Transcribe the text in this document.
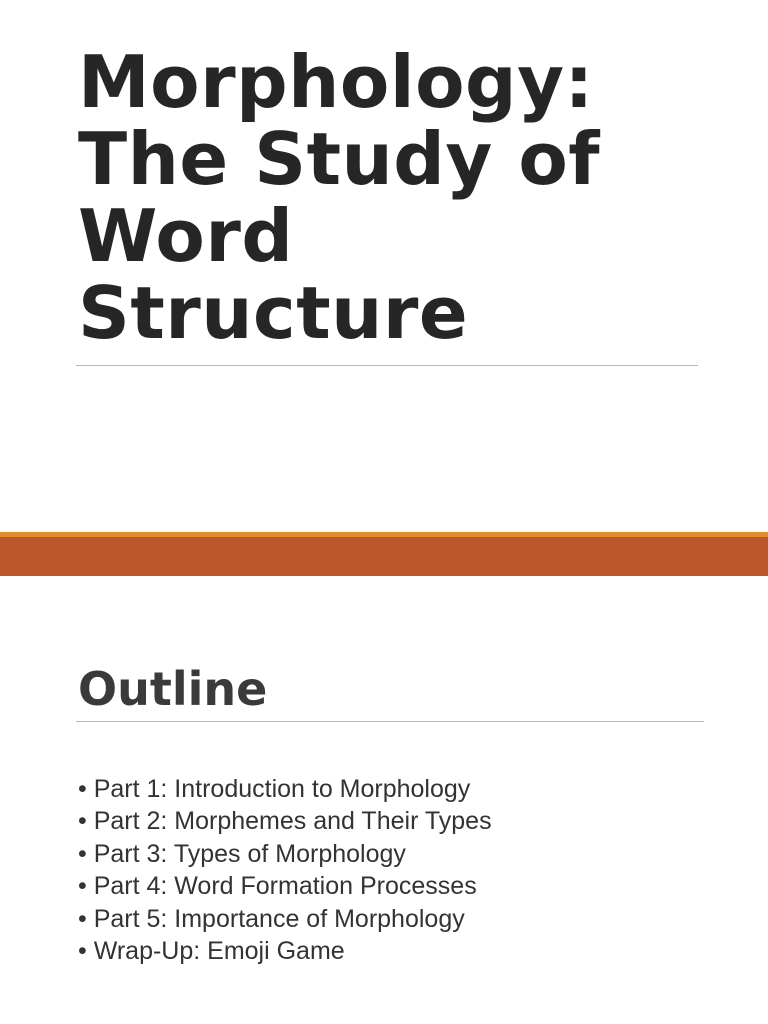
Morphology:
The Study of
Word
Structure
Outline
• Part 1: Introduction to Morphology
• Part 2: Morphemes and Their Types
• Part 3: Types of Morphology
• Part 4: Word Formation Processes
• Part 5: Importance of Morphology
• Wrap-Up: Emoji Game
